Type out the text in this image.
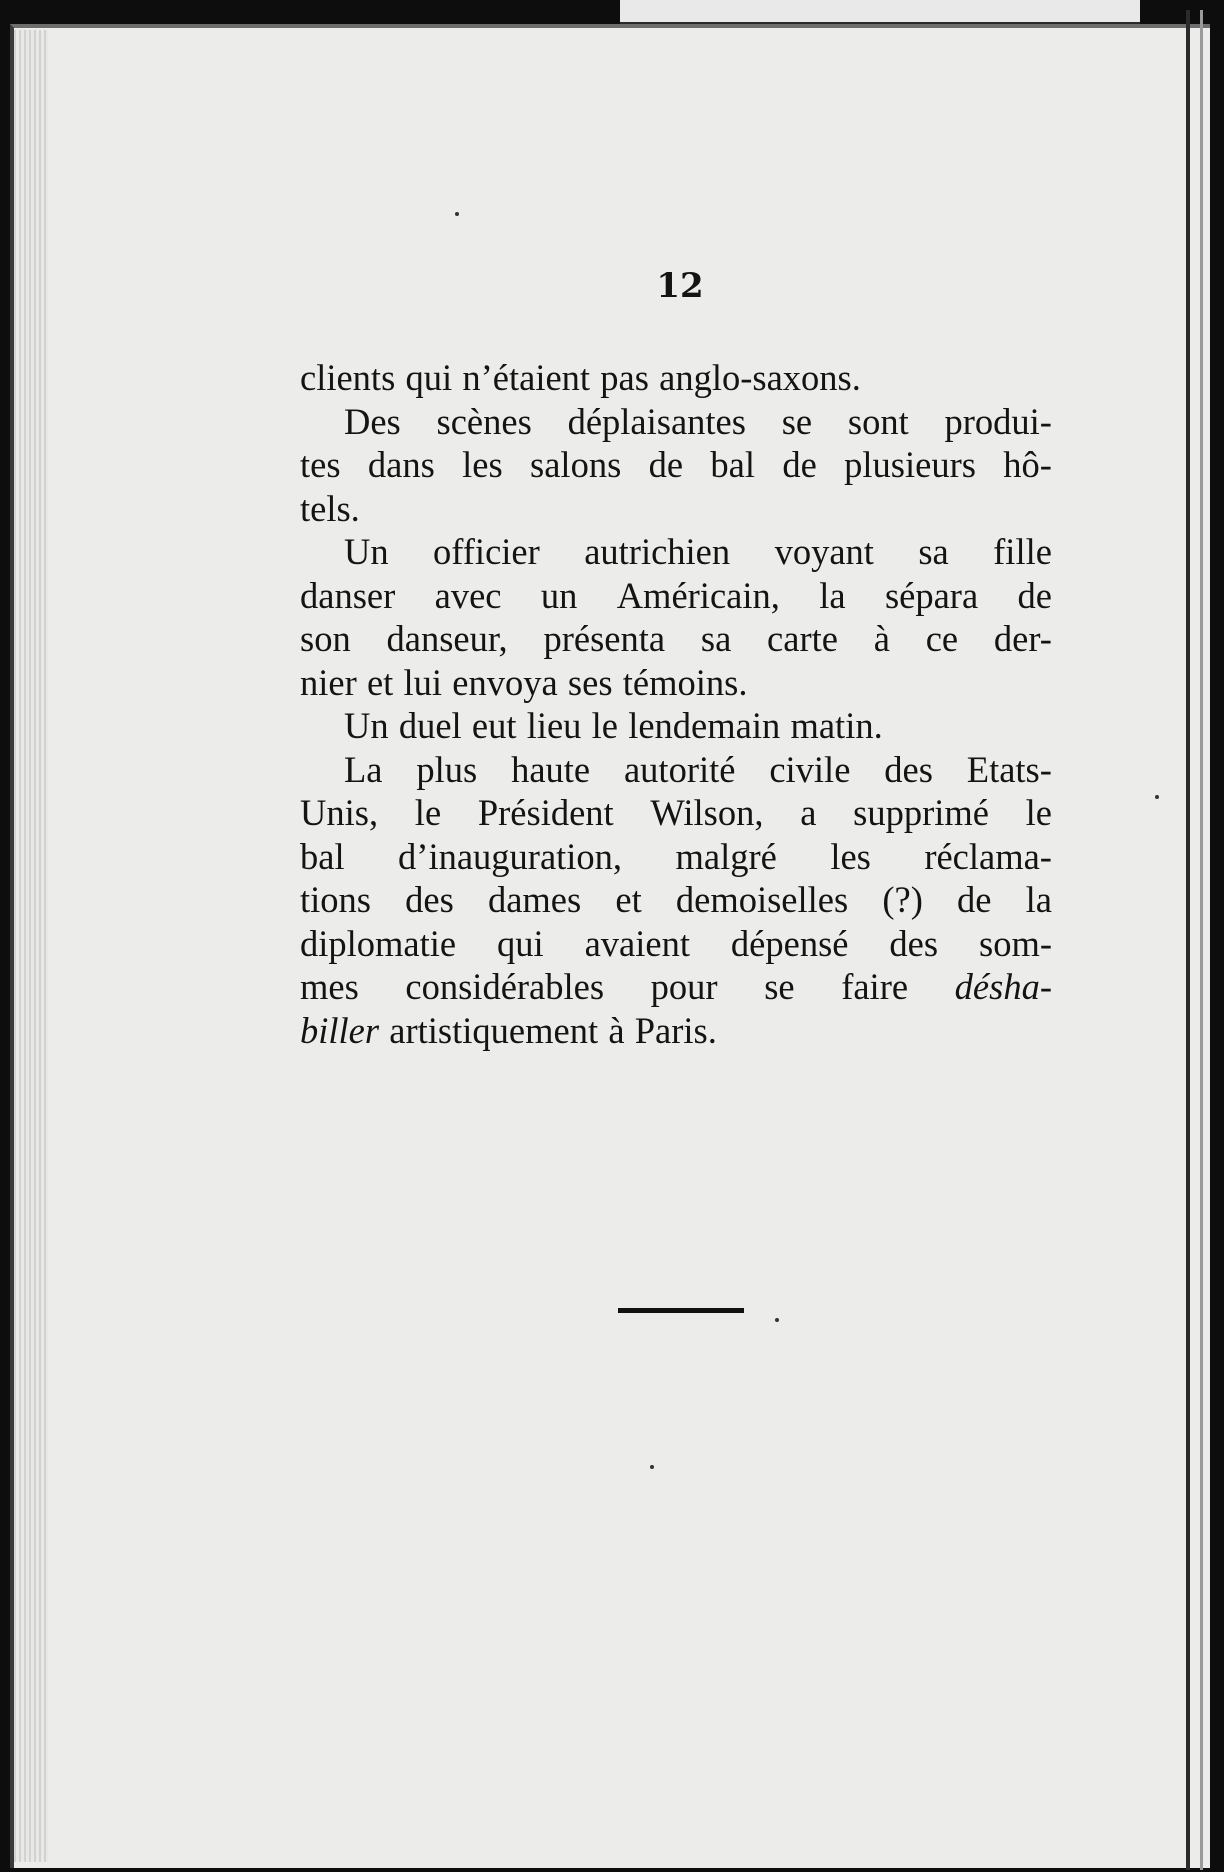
12
clients qui n’étaient pas anglo-saxons.
Des scènes déplaisantes se sont produi-
tes dans les salons de bal de plusieurs hô-
tels.
Un officier autrichien voyant sa fille
danser avec un Américain, la sépara de
son danseur, présenta sa carte à ce der-
nier et lui envoya ses témoins.
Un duel eut lieu le lendemain matin.
La plus haute autorité civile des Etats-
Unis, le Président Wilson, a supprimé le
bal d’inauguration, malgré les réclama-
tions des dames et demoiselles (?) de la
diplomatie qui avaient dépensé des som-
mes considérables pour se faire désha-
biller artistiquement à Paris.
